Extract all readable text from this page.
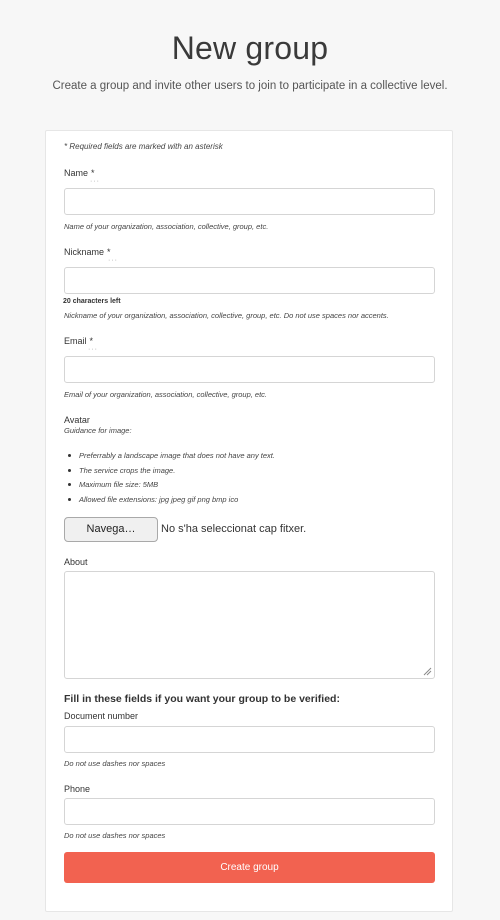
New group

Create a group and invite other users to join to participate in a collective level.

* Required fields are marked with an asterisk
Name *
···
Name of your organization, association, collective, group, etc.
Nickname *
···
20 characters left
Nickname of your organization, association, collective, group, etc. Do not use spaces nor accents.
Email *
···
Email of your organization, association, collective, group, etc.
Avatar
Guidance for image:
Preferrably a landscape image that does not have any text.
The service crops the image.
Maximum file size: 5MB
Allowed file extensions: jpg jpeg gif png bmp ico
Navega…	No s'ha seleccionat cap fitxer.
About
Fill in these fields if you want your group to be verified:
Document number
Do not use dashes nor spaces
Phone
Do not use dashes nor spaces
Create group
